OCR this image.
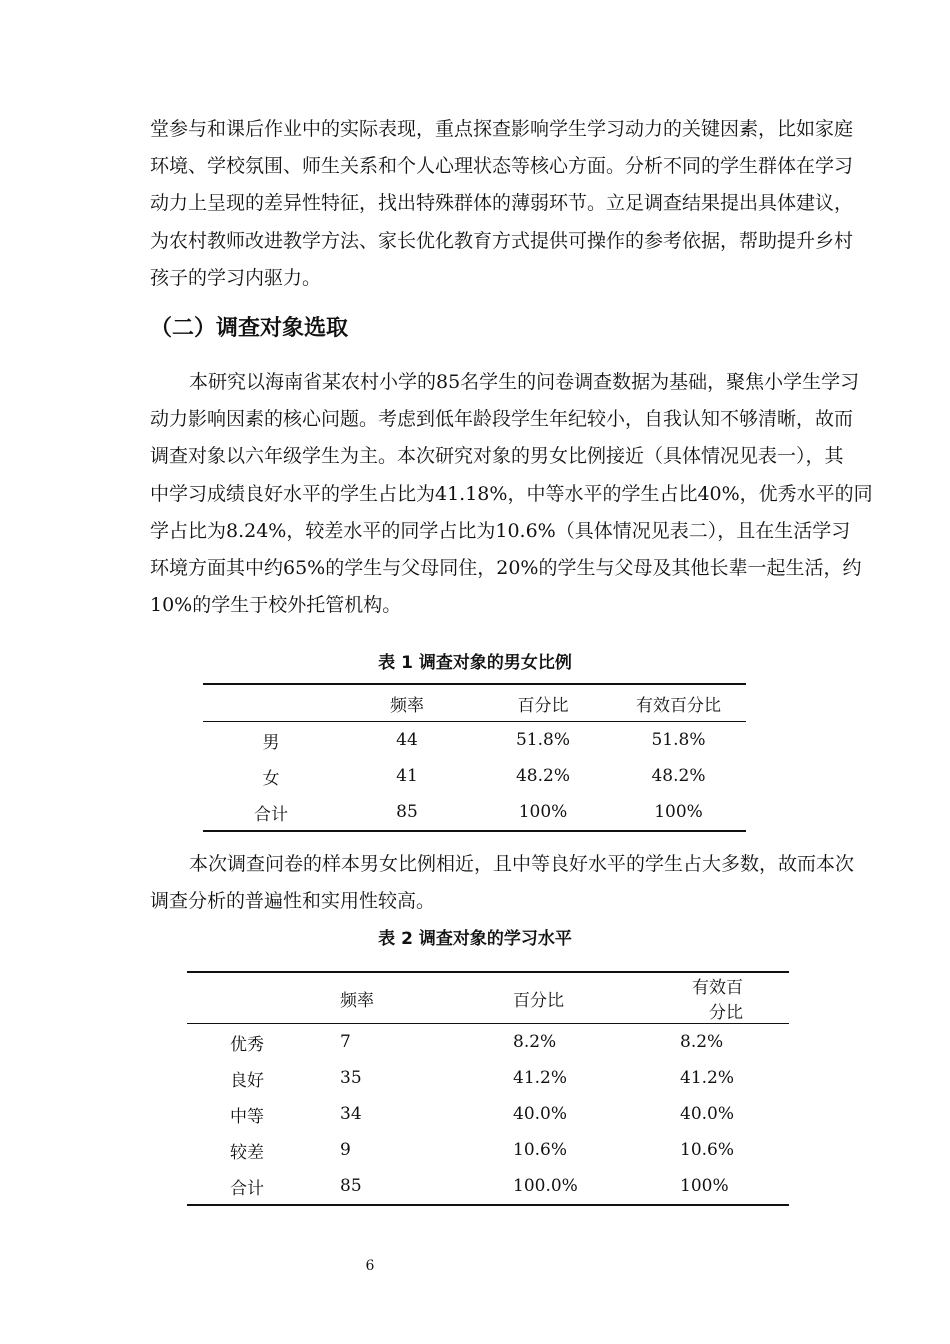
堂参与和课后作业中的实际表现，重点探查影响学生学习动力的关键因素，比如家庭
环境、学校氛围、师生关系和个人心理状态等核心方面。分析不同的学生群体在学习
动力上呈现的差异性特征，找出特殊群体的薄弱环节。立足调查结果提出具体建议，
为农村教师改进教学方法、家长优化教育方式提供可操作的参考依据，帮助提升乡村
孩子的学习内驱力。
（二）调查对象选取
本研究以海南省某农村小学的85名学生的问卷调查数据为基础，聚焦小学生学习
动力影响因素的核心问题。考虑到低年龄段学生年纪较小，自我认知不够清晰，故而
调查对象以六年级学生为主。本次研究对象的男女比例接近（具体情况见表一），其
中学习成绩良好水平的学生占比为41.18%，中等水平的学生占比40%，优秀水平的同
学占比为8.24%，较差水平的同学占比为10.6%（具体情况见表二），且在生活学习
环境方面其中约65%的学生与父母同住，20%的学生与父母及其他长辈一起生活，约
10%的学生于校外托管机构。
表 1 调查对象的男女比例
	频率	百分比	有效百分比
男	44	51.8%	51.8%
女	41	48.2%	48.2%
合计	85	100%	100%
本次调查问卷的样本男女比例相近，且中等良好水平的学生占大多数，故而本次
调查分析的普遍性和实用性较高。
表 2 调查对象的学习水平
	频率	百分比	有效百分比
优秀	7	8.2%	8.2%
良好	35	41.2%	41.2%
中等	34	40.0%	40.0%
较差	9	10.6%	10.6%
合计	85	100.0%	100%
6
